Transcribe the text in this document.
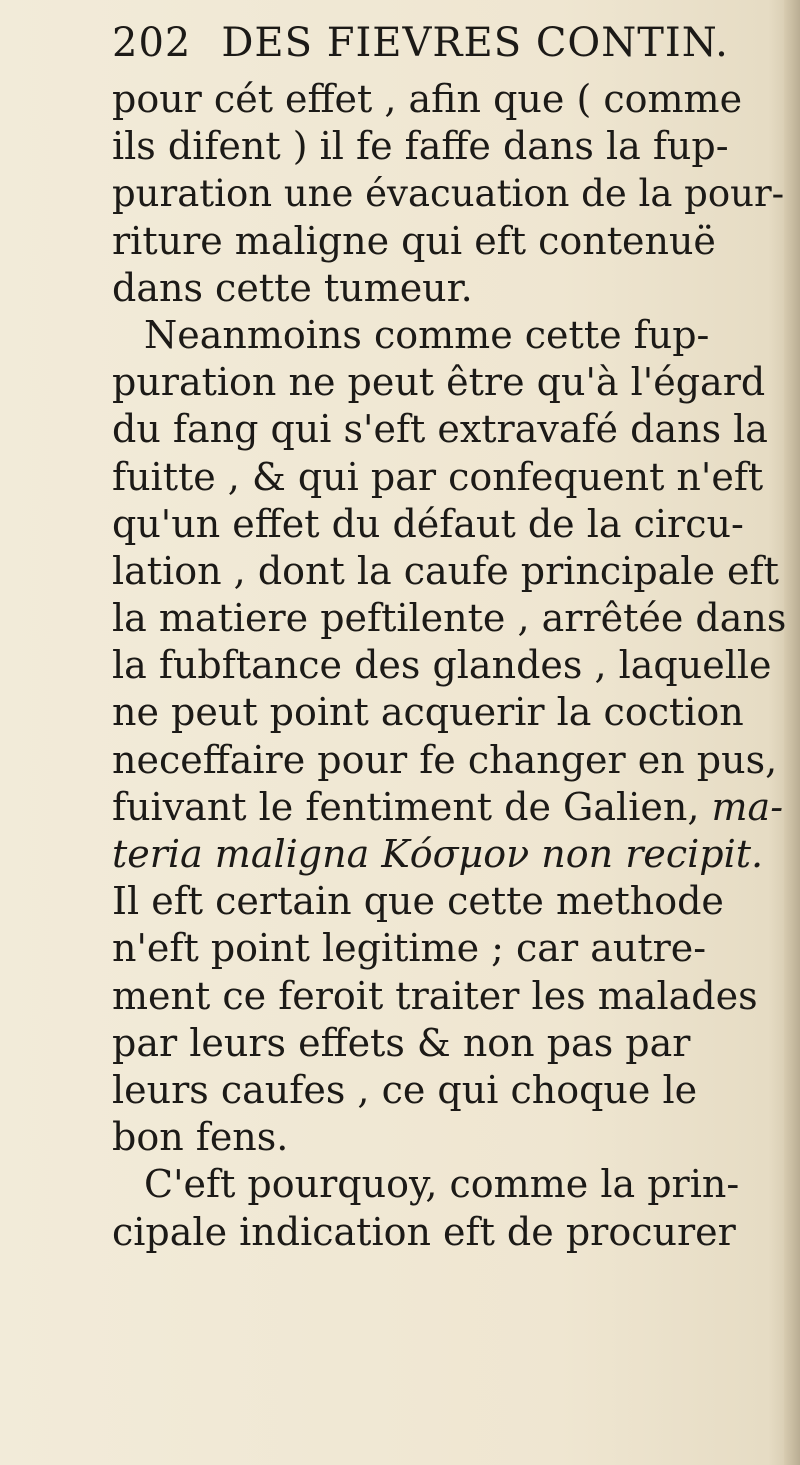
202 DES FIEVRES CONTIN.
pour cét effet , afin que ( comme
ils difent ) il fe faffe dans la fup-
puration une évacuation de la pour-
riture maligne qui eft contenuë
dans cette tumeur.
Neanmoins comme cette fup-
puration ne peut être qu'à l'égard
du fang qui s'eft extravafé dans la
fuitte , & qui par confequent n'eft
qu'un effet du défaut de la circu-
lation , dont la caufe principale eft
la matiere peftilente , arrêtée dans
la fubftance des glandes , laquelle
ne peut point acquerir la coction
neceffaire pour fe changer en pus,
fuivant le fentiment de Galien, ma-
teria maligna Κόσμον non recipit.
Il eft certain que cette methode
n'eft point legitime ; car autre-
ment ce feroit traiter les malades
par leurs effets & non pas par
leurs caufes , ce qui choque le
bon fens.
C'eft pourquoy, comme la prin-
cipale indication eft de procurer
